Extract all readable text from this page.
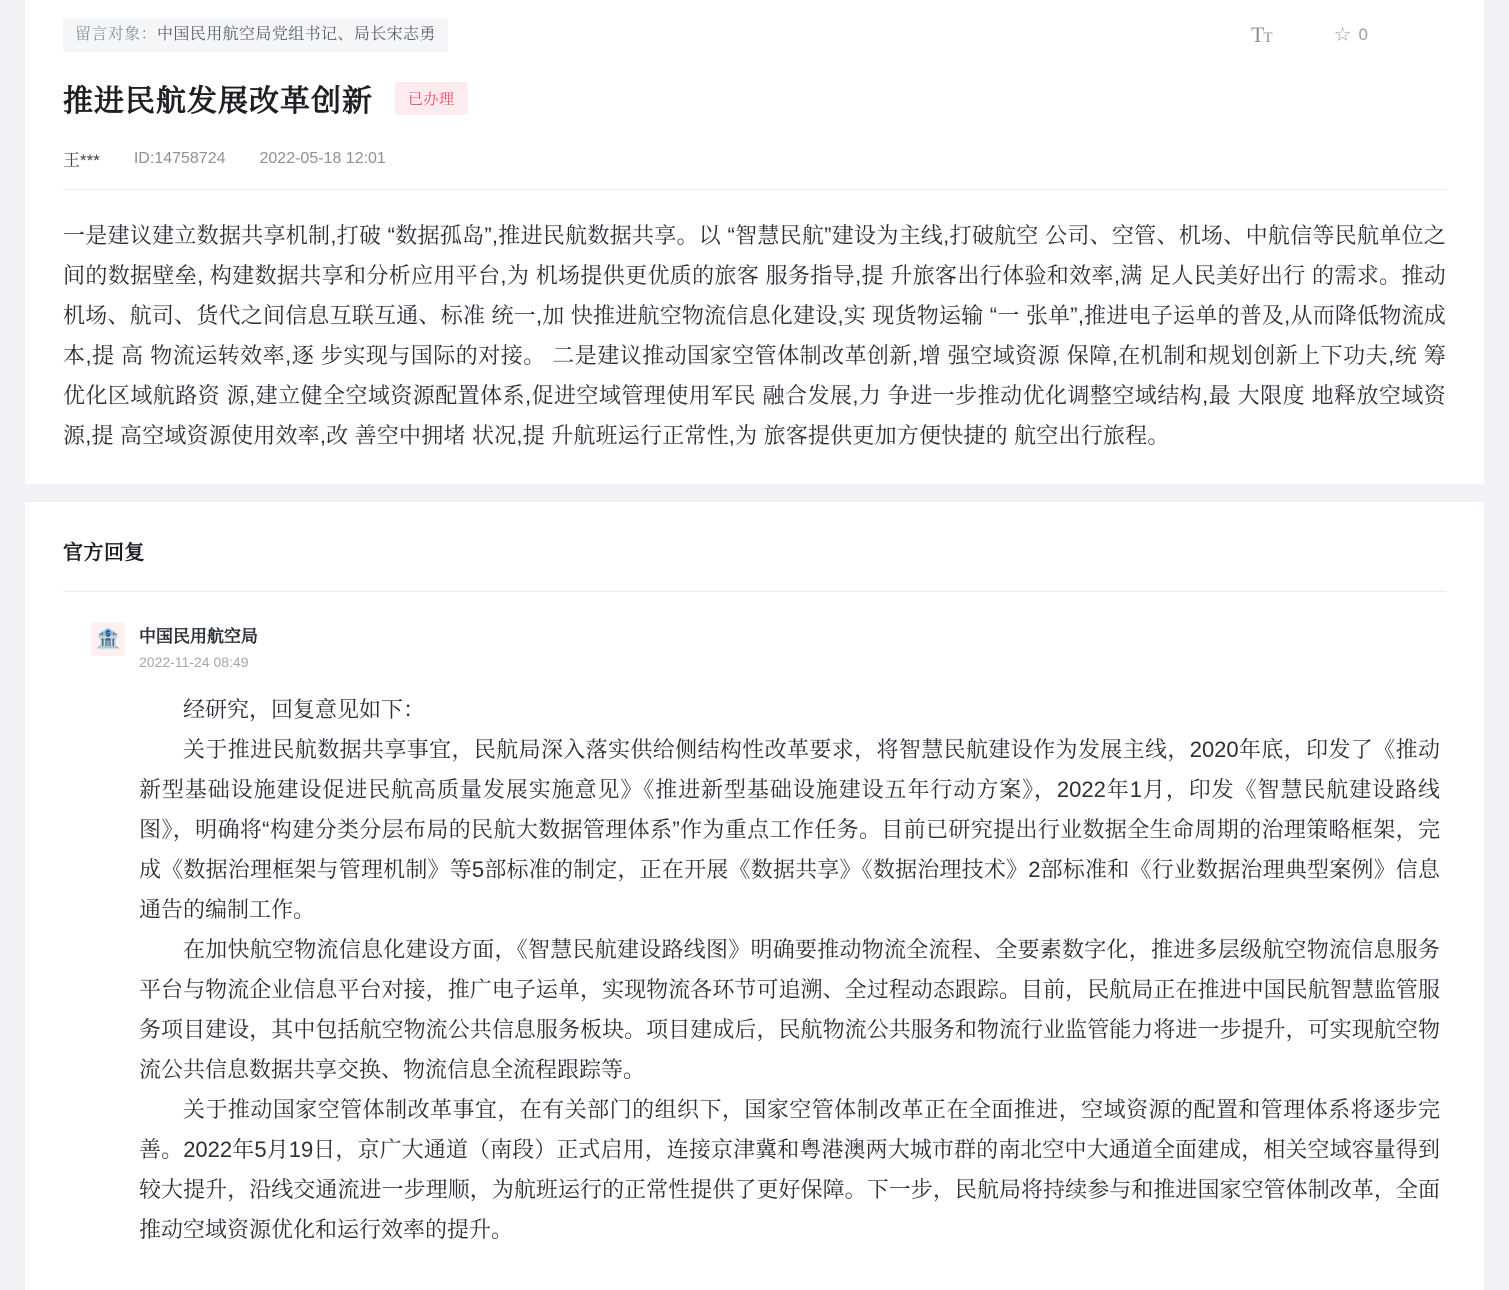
留言对象：中国民用航空局党组书记、局长宋志勇	TT	☆ 0
推进民航发展改革创新	已办理
王*** ID:14758724 2022-05-18 12:01
一是建议建立数据共享机制,打破 “数据孤岛”,推进民航数据共享。以 “智慧民航”建设为主线,打破航空 公司、空管、机场、中航信等民航单位之间的数据壁垒, 构建数据共享和分析应用平台,为 机场提供更优质的旅客 服务指导,提 升旅客出行体验和效率,满 足人民美好出行 的需求。推动机场、航司、货代之间信息互联互通、标准 统一,加 快推进航空物流信息化建设,实 现货物运输 “一 张单”,推进电子运单的普及,从而降低物流成本,提 高 物流运转效率,逐 步实现与国际的对接。 二是建议推动国家空管体制改革创新,增 强空域资源 保障,在机制和规划创新上下功夫,统 筹优化区域航路资 源,建立健全空域资源配置体系,促进空域管理使用军民 融合发展,力 争进一步推动优化调整空域结构,最 大限度 地释放空域资源,提 高空域资源使用效率,改 善空中拥堵 状况,提 升航班运行正常性,为 旅客提供更加方便快捷的 航空出行旅程。
官方回复
🏦 中国民用航空局
2022-11-24 08:49

经研究，回复意见如下：

关于推进民航数据共享事宜，民航局深入落实供给侧结构性改革要求，将智慧民航建设作为发展主线，2020年底，印发了《推动新型基础设施建设促进民航高质量发展实施意见》《推进新型基础设施建设五年行动方案》，2022年1月，印发《智慧民航建设路线图》，明确将“构建分类分层布局的民航大数据管理体系”作为重点工作任务。目前已研究提出行业数据全生命周期的治理策略框架，完成《数据治理框架与管理机制》等5部标准的制定，正在开展《数据共享》《数据治理技术》2部标准和《行业数据治理典型案例》信息通告的编制工作。

在加快航空物流信息化建设方面，《智慧民航建设路线图》明确要推动物流全流程、全要素数字化，推进多层级航空物流信息服务平台与物流企业信息平台对接，推广电子运单，实现物流各环节可追溯、全过程动态跟踪。目前，民航局正在推进中国民航智慧监管服务项目建设，其中包括航空物流公共信息服务板块。项目建成后，民航物流公共服务和物流行业监管能力将进一步提升，可实现航空物流公共信息数据共享交换、物流信息全流程跟踪等。

关于推动国家空管体制改革事宜，在有关部门的组织下，国家空管体制改革正在全面推进，空域资源的配置和管理体系将逐步完善。2022年5月19日，京广大通道（南段）正式启用，连接京津冀和粤港澳两大城市群的南北空中大通道全面建成，相关空域容量得到较大提升，沿线交通流进一步理顺，为航班运行的正常性提供了更好保障。下一步，民航局将持续参与和推进国家空管体制改革，全面推动空域资源优化和运行效率的提升。
